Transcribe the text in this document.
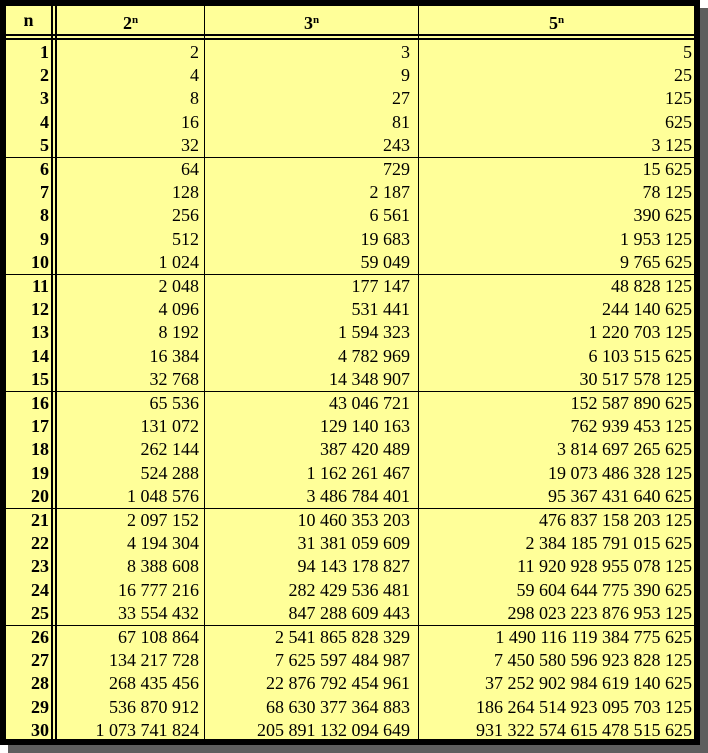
n	2$^n$	3$^n$	5$^n$
1	2	3	5
2	4	9	25
3	8	27	125
4	16	81	625
5	32	243	3 125
6	64	729	15 625
7	128	2 187	78 125
8	256	6 561	390 625
9	512	19 683	1 953 125
10	1 024	59 049	9 765 625
11	2 048	177 147	48 828 125
12	4 096	531 441	244 140 625
13	8 192	1 594 323	1 220 703 125
14	16 384	4 782 969	6 103 515 625
15	32 768	14 348 907	30 517 578 125
16	65 536	43 046 721	152 587 890 625
17	131 072	129 140 163	762 939 453 125
18	262 144	387 420 489	3 814 697 265 625
19	524 288	1 162 261 467	19 073 486 328 125
20	1 048 576	3 486 784 401	95 367 431 640 625
21	2 097 152	10 460 353 203	476 837 158 203 125
22	4 194 304	31 381 059 609	2 384 185 791 015 625
23	8 388 608	94 143 178 827	11 920 928 955 078 125
24	16 777 216	282 429 536 481	59 604 644 775 390 625
25	33 554 432	847 288 609 443	298 023 223 876 953 125
26	67 108 864	2 541 865 828 329	1 490 116 119 384 775 625
27	134 217 728	7 625 597 484 987	7 450 580 596 923 828 125
28	268 435 456	22 876 792 454 961	37 252 902 984 619 140 625
29	536 870 912	68 630 377 364 883	186 264 514 923 095 703 125
30	1 073 741 824	205 891 132 094 649	931 322 574 615 478 515 625
